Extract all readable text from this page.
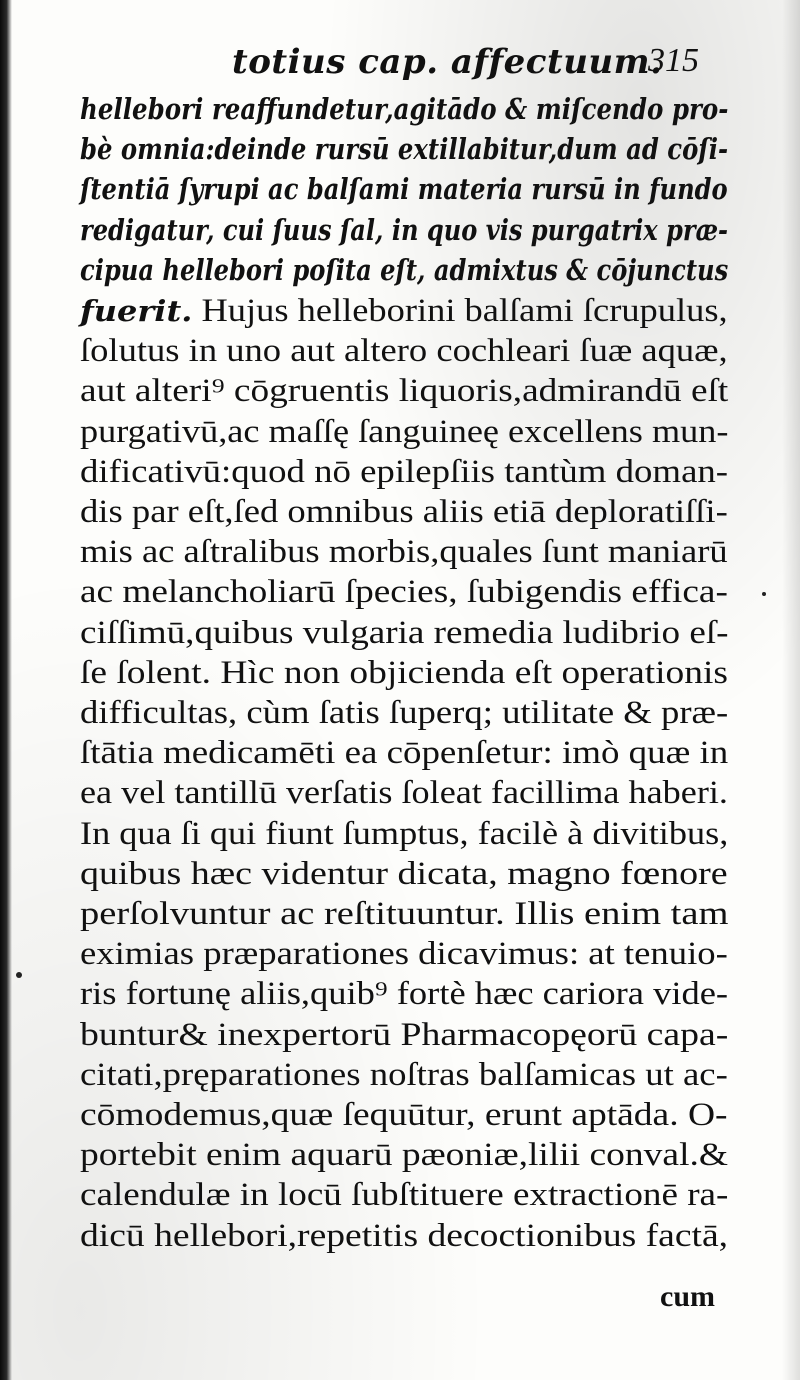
totius cap. affectuum.
315
hellebori reaffundetur,agitādo & miſcendo pro-
bè omnia:deinde rursū extillabitur,dum ad cōſi-
ſtentiā ſyrupi ac balſami materia rursū in fundo
redigatur, cui ſuus ſal, in quo vis purgatrix præ-
cipua hellebori poſita eſt, admixtus & cōjunctus
fuerit. Hujus helleborini balſami ſcrupulus,
ſolutus in uno aut altero cochleari ſuæ aquæ,
aut alteri⁹ cōgruentis liquoris,admirandū eſt
purgativū,ac maſſę ſanguineę excellens mun-
dificativū:quod nō epilepſiis tantùm doman-
dis par eſt,ſed omnibus aliis etiā deploratiſſi-
mis ac aſtralibus morbis,quales ſunt maniarū
ac melancholiarū ſpecies, ſubigendis effica-
ciſſimū,quibus vulgaria remedia ludibrio eſ-
ſe ſolent. Hìc non objicienda eſt operationis
difficultas, cùm ſatis ſuperq; utilitate & præ-
ſtātia medicamēti ea cōpenſetur: imò quæ in
ea vel tantillū verſatis ſoleat facillima haberi.
In qua ſi qui fiunt ſumptus, facilè à divitibus,
quibus hæc videntur dicata, magno fœnore
perſolvuntur ac reſtituuntur. Illis enim tam
eximias præparationes dicavimus: at tenuio-
ris fortunę aliis,quib⁹ fortè hæc cariora vide-
buntur& inexpertorū Pharmacopęorū capa-
citati,pręparationes noſtras balſamicas ut ac-
cōmodemus,quæ ſequūtur, erunt aptāda. O-
portebit enim aquarū pæoniæ,lilii conval.&
calendulæ in locū ſubſtituere extractionē ra-
dicū hellebori,repetitis decoctionibus factā,
cum
